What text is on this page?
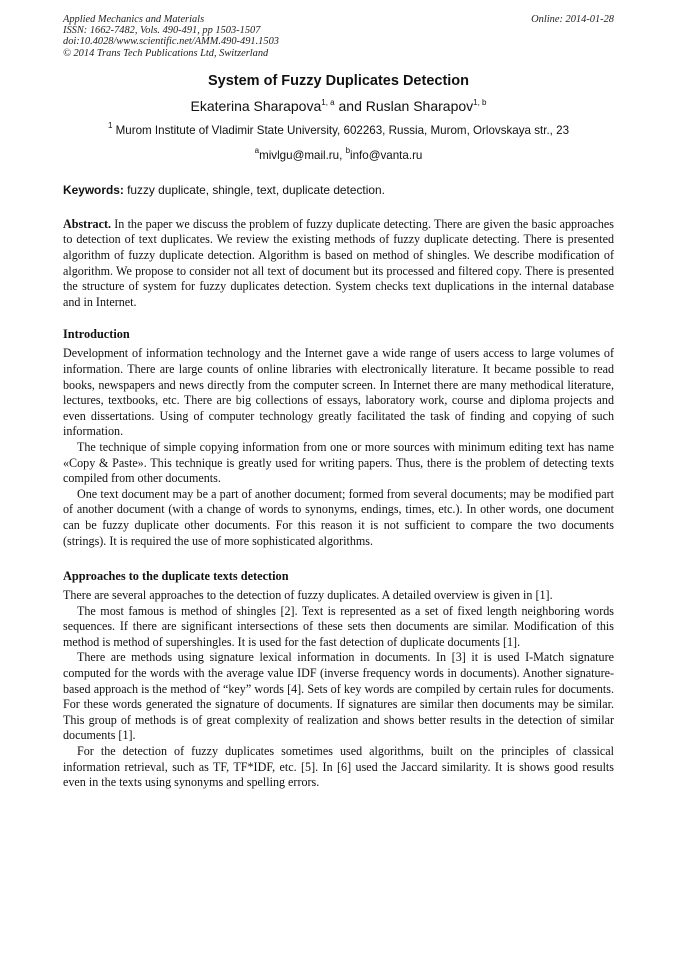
Applied Mechanics and Materials
ISSN: 1662-7482, Vols. 490-491, pp 1503-1507
doi:10.4028/www.scientific.net/AMM.490-491.1503
© 2014 Trans Tech Publications Ltd, Switzerland
Online: 2014-01-28
System of Fuzzy Duplicates Detection
Ekaterina Sharapova$^{1, a}$ and Ruslan Sharapov$^{1, b}$
$^1$ Murom Institute of Vladimir State University, 602263, Russia, Murom, Orlovskaya str., 23
$^a$mivlgu@mail.ru, $^b$info@vanta.ru
Keywords: fuzzy duplicate, shingle, text, duplicate detection.

Abstract. In the paper we discuss the problem of fuzzy duplicate detecting. There are given the basic approaches to detection of text duplicates. We review the existing methods of fuzzy duplicate detecting. There is presented algorithm of fuzzy duplicate detection. Algorithm is based on method of shingles. We describe modification of algorithm. We propose to consider not all text of document but its processed and filtered copy. There is presented the structure of system for fuzzy duplicates detection. System checks text duplications in the internal database and in Internet.

Introduction

Development of information technology and the Internet gave a wide range of users access to large volumes of information. There are large counts of online libraries with electronically literature. It became possible to read books, newspapers and news directly from the computer screen. In Internet there are many methodical literature, lectures, textbooks, etc. There are big collections of essays, laboratory work, course and diploma projects and even dissertations. Using of computer technology greatly facilitated the task of finding and copying of such information.

The technique of simple copying information from one or more sources with minimum editing text has name «Copy & Paste». This technique is greatly used for writing papers. Thus, there is the problem of detecting texts compiled from other documents.

One text document may be a part of another document; formed from several documents; may be modified part of another document (with a change of words to synonyms, endings, times, etc.). In other words, one document can be fuzzy duplicate other documents. For this reason it is not sufficient to compare the two documents (strings). It is required the use of more sophisticated algorithms.

Approaches to the duplicate texts detection

There are several approaches to the detection of fuzzy duplicates. A detailed overview is given in [1].

The most famous is method of shingles [2]. Text is represented as a set of fixed length neighboring words sequences. If there are significant intersections of these sets then documents are similar. Modification of this method is method of supershingles. It is used for the fast detection of duplicate documents [1].

There are methods using signature lexical information in documents. In [3] it is used I-Match signature computed for the words with the average value IDF (inverse frequency words in documents). Another signature-based approach is the method of “key” words [4]. Sets of key words are compiled by certain rules for documents. For these words generated the signature of documents. If signatures are similar then documents may be similar. This group of methods is of great complexity of realization and shows better results in the detection of similar documents [1].

For the detection of fuzzy duplicates sometimes used algorithms, built on the principles of classical information retrieval, such as TF, TF*IDF, etc. [5]. In [6] used the Jaccard similarity. It is shows good results even in the texts using synonyms and spelling errors.
